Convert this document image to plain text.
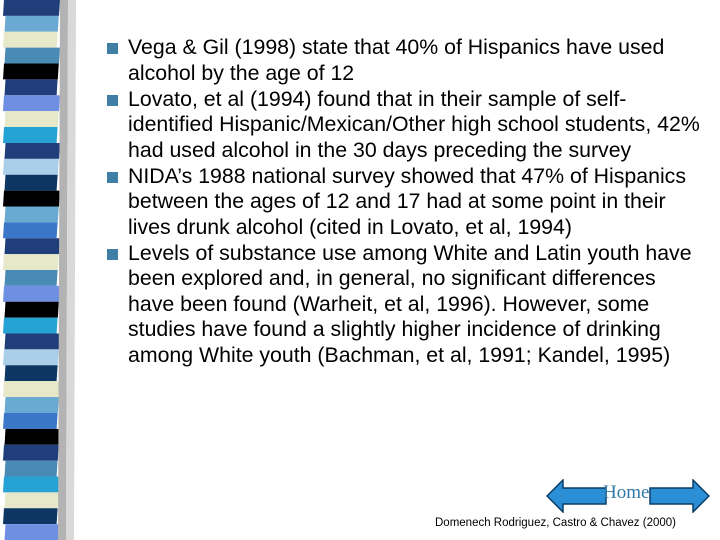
Vega & Gil (1998) state that 40% of Hispanics have used alcohol by the age of 12
Lovato, et al (1994) found that in their sample of self-identified Hispanic/Mexican/Other high school students, 42% had used alcohol in the 30 days preceding the survey
NIDA’s 1988 national survey showed that 47% of Hispanics between the ages of 12 and 17 had at some point in their lives drunk alcohol (cited in Lovato, et al, 1994)
Levels of substance use among White and Latin youth have been explored and, in general, no significant differences have been found (Warheit, et al, 1996). However, some studies have found a slightly higher incidence of drinking among White youth (Bachman, et al, 1991; Kandel, 1995)
Home
Domenech Rodriguez, Castro & Chavez (2000)
